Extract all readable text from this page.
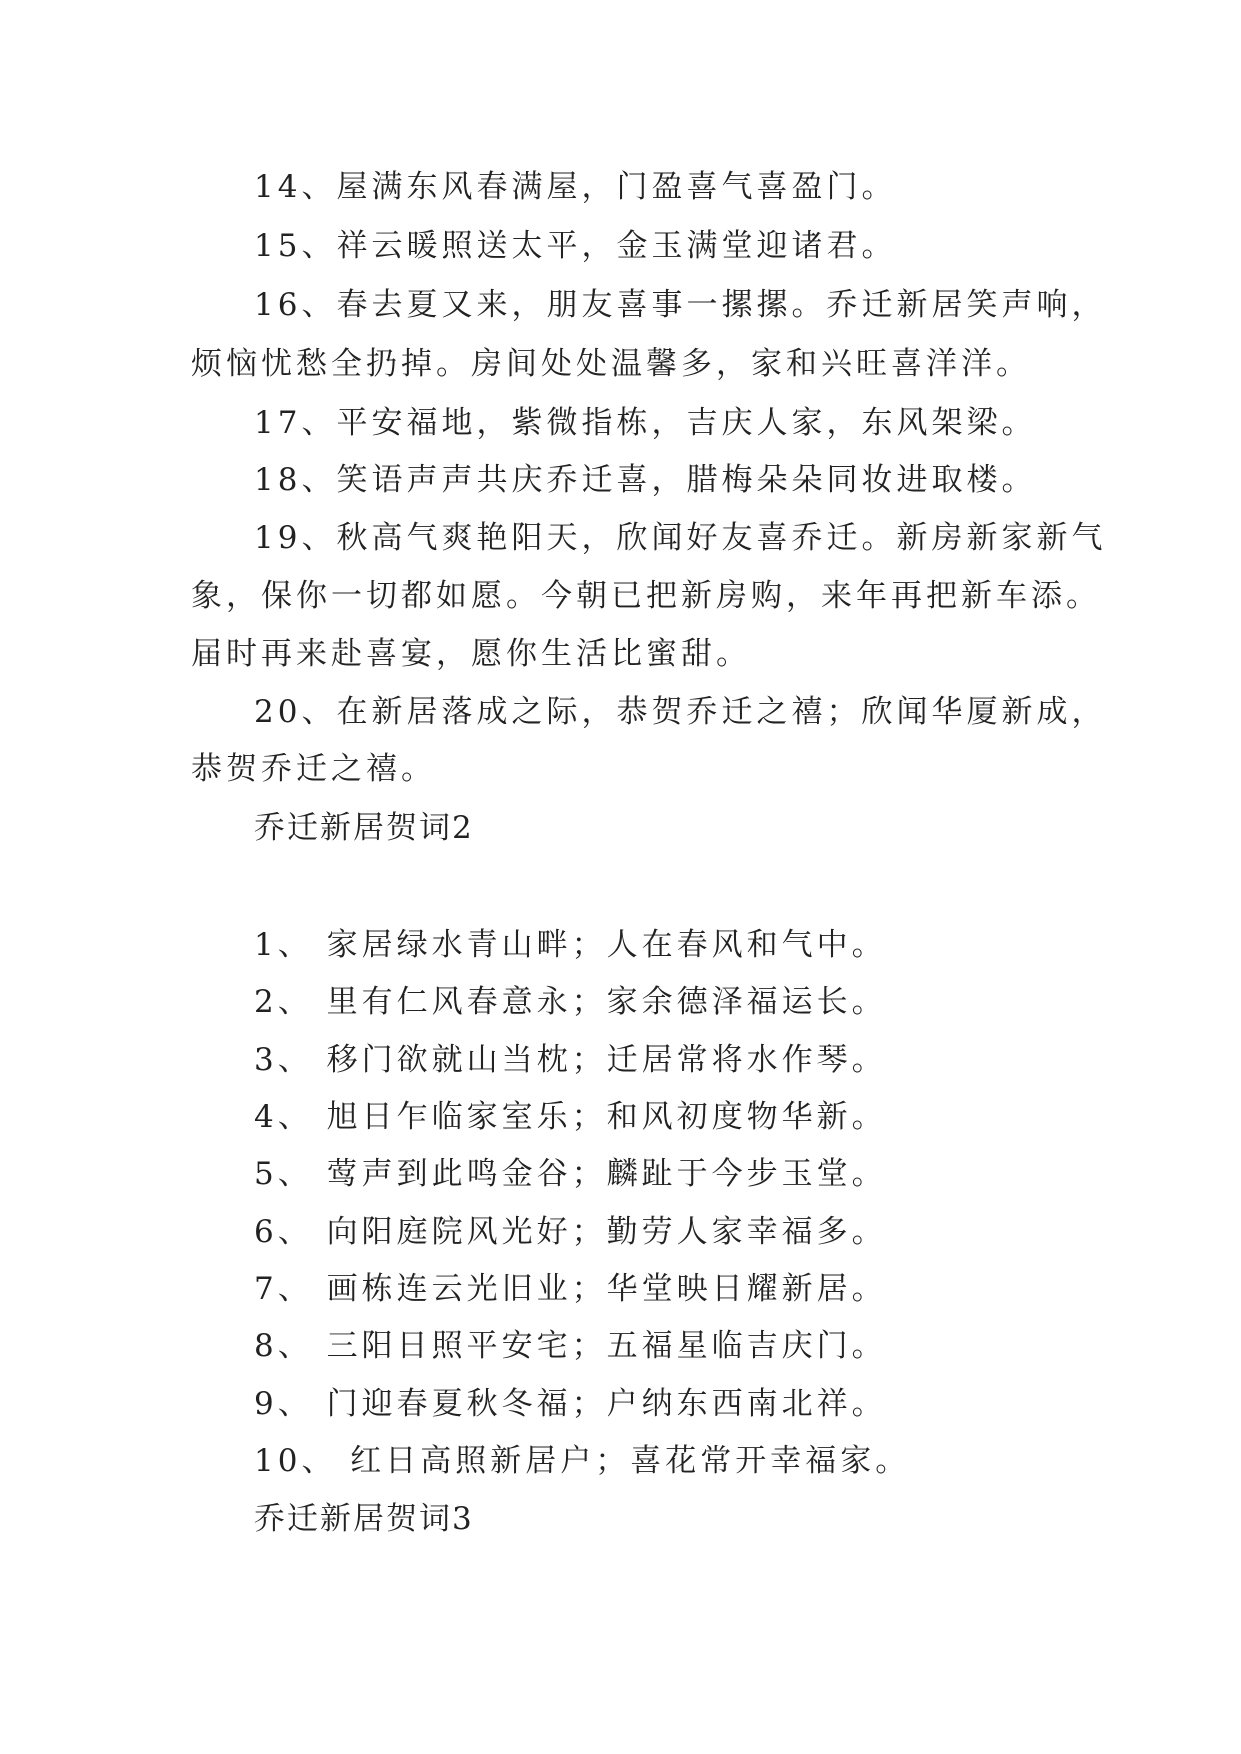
14、屋满东风春满屋，门盈喜气喜盈门。
15、祥云暖照送太平，金玉满堂迎诸君。
16、春去夏又来，朋友喜事一摞摞。乔迁新居笑声响，
烦恼忧愁全扔掉。房间处处温馨多，家和兴旺喜洋洋。
17、平安福地，紫微指栋，吉庆人家，东风架梁。
18、笑语声声共庆乔迁喜，腊梅朵朵同妆进取楼。
19、秋高气爽艳阳天，欣闻好友喜乔迁。新房新家新气
象，保你一切都如愿。今朝已把新房购，来年再把新车添。
届时再来赴喜宴，愿你生活比蜜甜。
20、在新居落成之际，恭贺乔迁之禧；欣闻华厦新成，
恭贺乔迁之禧。
乔迁新居贺词2
1、 家居绿水青山畔；人在春风和气中。
2、 里有仁风春意永；家余德泽福运长。
3、 移门欲就山当枕；迁居常将水作琴。
4、 旭日乍临家室乐；和风初度物华新。
5、 莺声到此鸣金谷；麟趾于今步玉堂。
6、 向阳庭院风光好；勤劳人家幸福多。
7、 画栋连云光旧业；华堂映日耀新居。
8、 三阳日照平安宅；五福星临吉庆门。
9、 门迎春夏秋冬福；户纳东西南北祥。
10、 红日高照新居户；喜花常开幸福家。
乔迁新居贺词3
